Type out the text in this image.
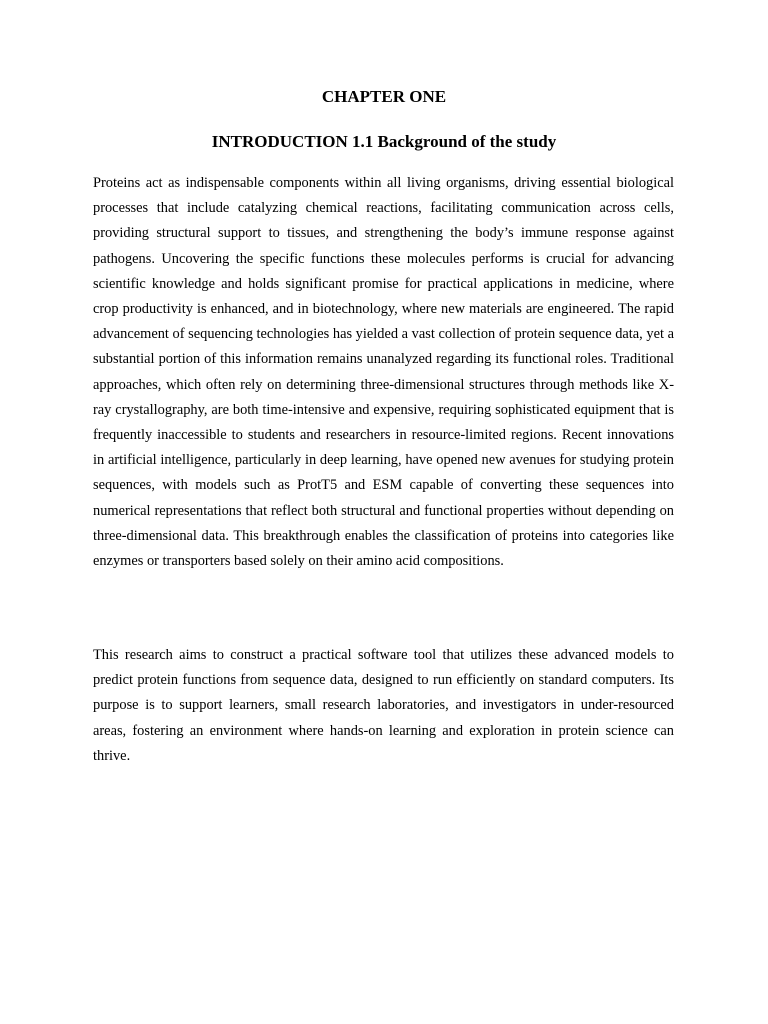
CHAPTER ONE
INTRODUCTION 1.1 Background of the study

Proteins act as indispensable components within all living organisms, driving essential biological processes that include catalyzing chemical reactions, facilitating communication across cells, providing structural support to tissues, and strengthening the body’s immune response against pathogens. Uncovering the specific functions these molecules performs is crucial for advancing scientific knowledge and holds significant promise for practical applications in medicine, where crop productivity is enhanced, and in biotechnology, where new materials are engineered. The rapid advancement of sequencing technologies has yielded a vast collection of protein sequence data, yet a substantial portion of this information remains unanalyzed regarding its functional roles. Traditional approaches, which often rely on determining three-dimensional structures through methods like X-ray crystallography, are both time-intensive and expensive, requiring sophisticated equipment that is frequently inaccessible to students and researchers in resource-limited regions. Recent innovations in artificial intelligence, particularly in deep learning, have opened new avenues for studying protein sequences, with models such as ProtT5 and ESM capable of converting these sequences into numerical representations that reflect both structural and functional properties without depending on three-dimensional data. This breakthrough enables the classification of proteins into categories like enzymes or transporters based solely on their amino acid compositions.

This research aims to construct a practical software tool that utilizes these advanced models to predict protein functions from sequence data, designed to run efficiently on standard computers. Its purpose is to support learners, small research laboratories, and investigators in under-resourced areas, fostering an environment where hands-on learning and exploration in protein science can thrive.
